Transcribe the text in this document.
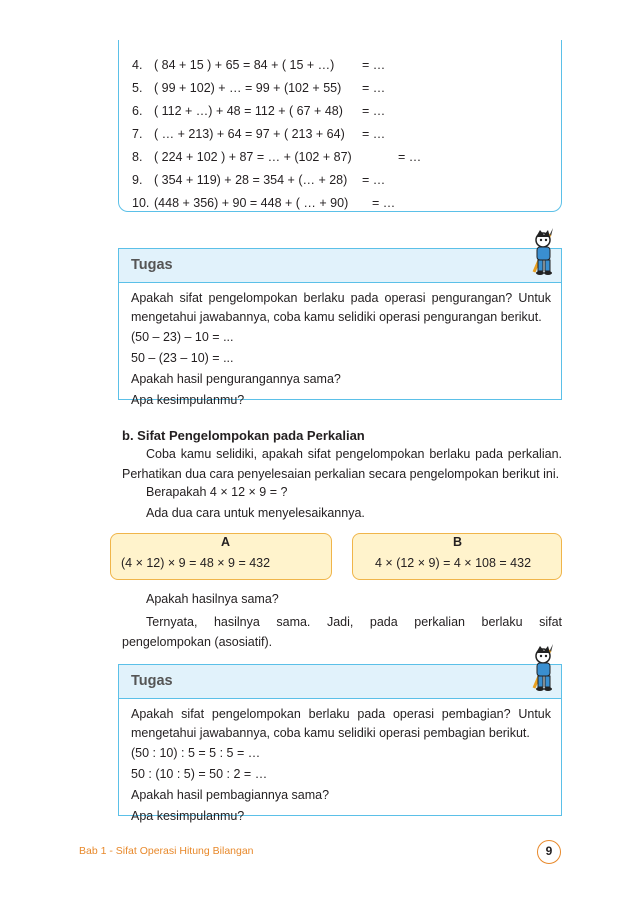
4. ( 84 + 15 ) + 65 = 84 + ( 15 + …) = …
5. ( 99 + 102) + … = 99 + (102 + 55) = …
6. ( 112 + …) + 48 = 112 + ( 67 + 48) = …
7. ( … + 213) + 64 = 97 + ( 213 + 64) = …
8. ( 224 + 102 ) + 87 = … + (102 + 87)	= …
9. ( 354 + 119) + 28 = 354 + (… + 28) = …
10. (448 + 356) + 90 = 448 + ( … + 90) = …
Tugas

Apakah sifat pengelompokan berlaku pada operasi pengurangan? Untuk mengetahui jawabannya, coba kamu selidiki operasi pengurangan berikut.

(50 – 23) – 10 = ...

50 – (23 – 10) = ...

Apakah hasil pengurangannya sama?

Apa kesimpulanmu?

b. Sifat Pengelompokan pada Perkalian
Coba kamu selidiki, apakah sifat pengelompokan berlaku pada perkalian. Perhatikan dua cara penyelesaian perkalian secara pengelompokan berikut ini.
Berapakah 4 × 12 × 9 = ?
Ada dua cara untuk menyelesaikannya.
A
(4 × 12) × 9 = 48 × 9 = 432
B
4 × (12 × 9) = 4 × 108 = 432
Apakah hasilnya sama?
Ternyata, hasilnya sama. Jadi, pada perkalian berlaku sifat pengelompokan (asosiatif).
Tugas

Apakah sifat pengelompokan berlaku pada operasi pembagian? Untuk mengetahui jawabannya, coba kamu selidiki operasi pembagian berikut.

(50 : 10) : 5 = 5 : 5 = …

50 : (10 : 5) = 50 : 2 = …

Apakah hasil pembagiannya sama?

Apa kesimpulanmu?

Bab 1 - Sifat Operasi Hitung Bilangan	9
